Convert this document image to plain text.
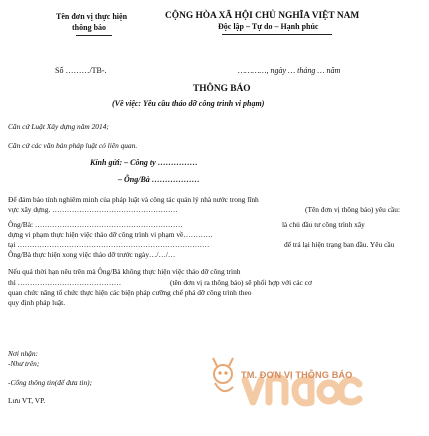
Tên đơn vị thực hiện
thông báo
CỘNG HÒA XÃ HỘI CHỦ NGHĨA VIỆT NAM
Độc lập – Tự do – Hạnh phúc
Số ………/TB-.	…………, ngày … tháng … năm
THÔNG BÁO
(Về việc: Yêu cầu tháo dỡ công trình vi phạm)
Căn cứ Luật Xây dựng năm 2014;
Căn cứ các văn bản pháp luật có liên quan.
Kính gửi: – Công ty ……………
– Ông/Bà ………………
Để đảm bảo tính nghiêm minh của pháp luật và công tác quản lý nhà nước trong lĩnh
vực xây dựng. ……………………………………………	(Tên đơn vị thông báo) yêu cầu:
Ông/Bà: ……………………………………………………	là chủ đầu tư công trình xây
dựng vi phạm thực hiện việc tháo dỡ công trình vi phạm về…………
tại ……………………………………………………………………	để trả lại hiện trạng ban đầu. Yêu cầu
Ông/Bà thực hiện xong việc tháo dỡ trước ngày…/…/…
Nếu quá thời hạn nêu trên mà Ông/Bà không thực hiện việc tháo dỡ công trình
thì ……………………………………	(tên đơn vị ra thông báo) sẽ phối hợp với các cơ
quan chức năng tổ chức thực hiện các biện pháp cưỡng chế phá dỡ công trình theo
quy định pháp luật.
Nơi nhận:
-Như trên;
-Cổng thông tin(để đưa tin);
Lưu VT, VP.
TM. ĐƠN VỊ THÔNG BÁO
